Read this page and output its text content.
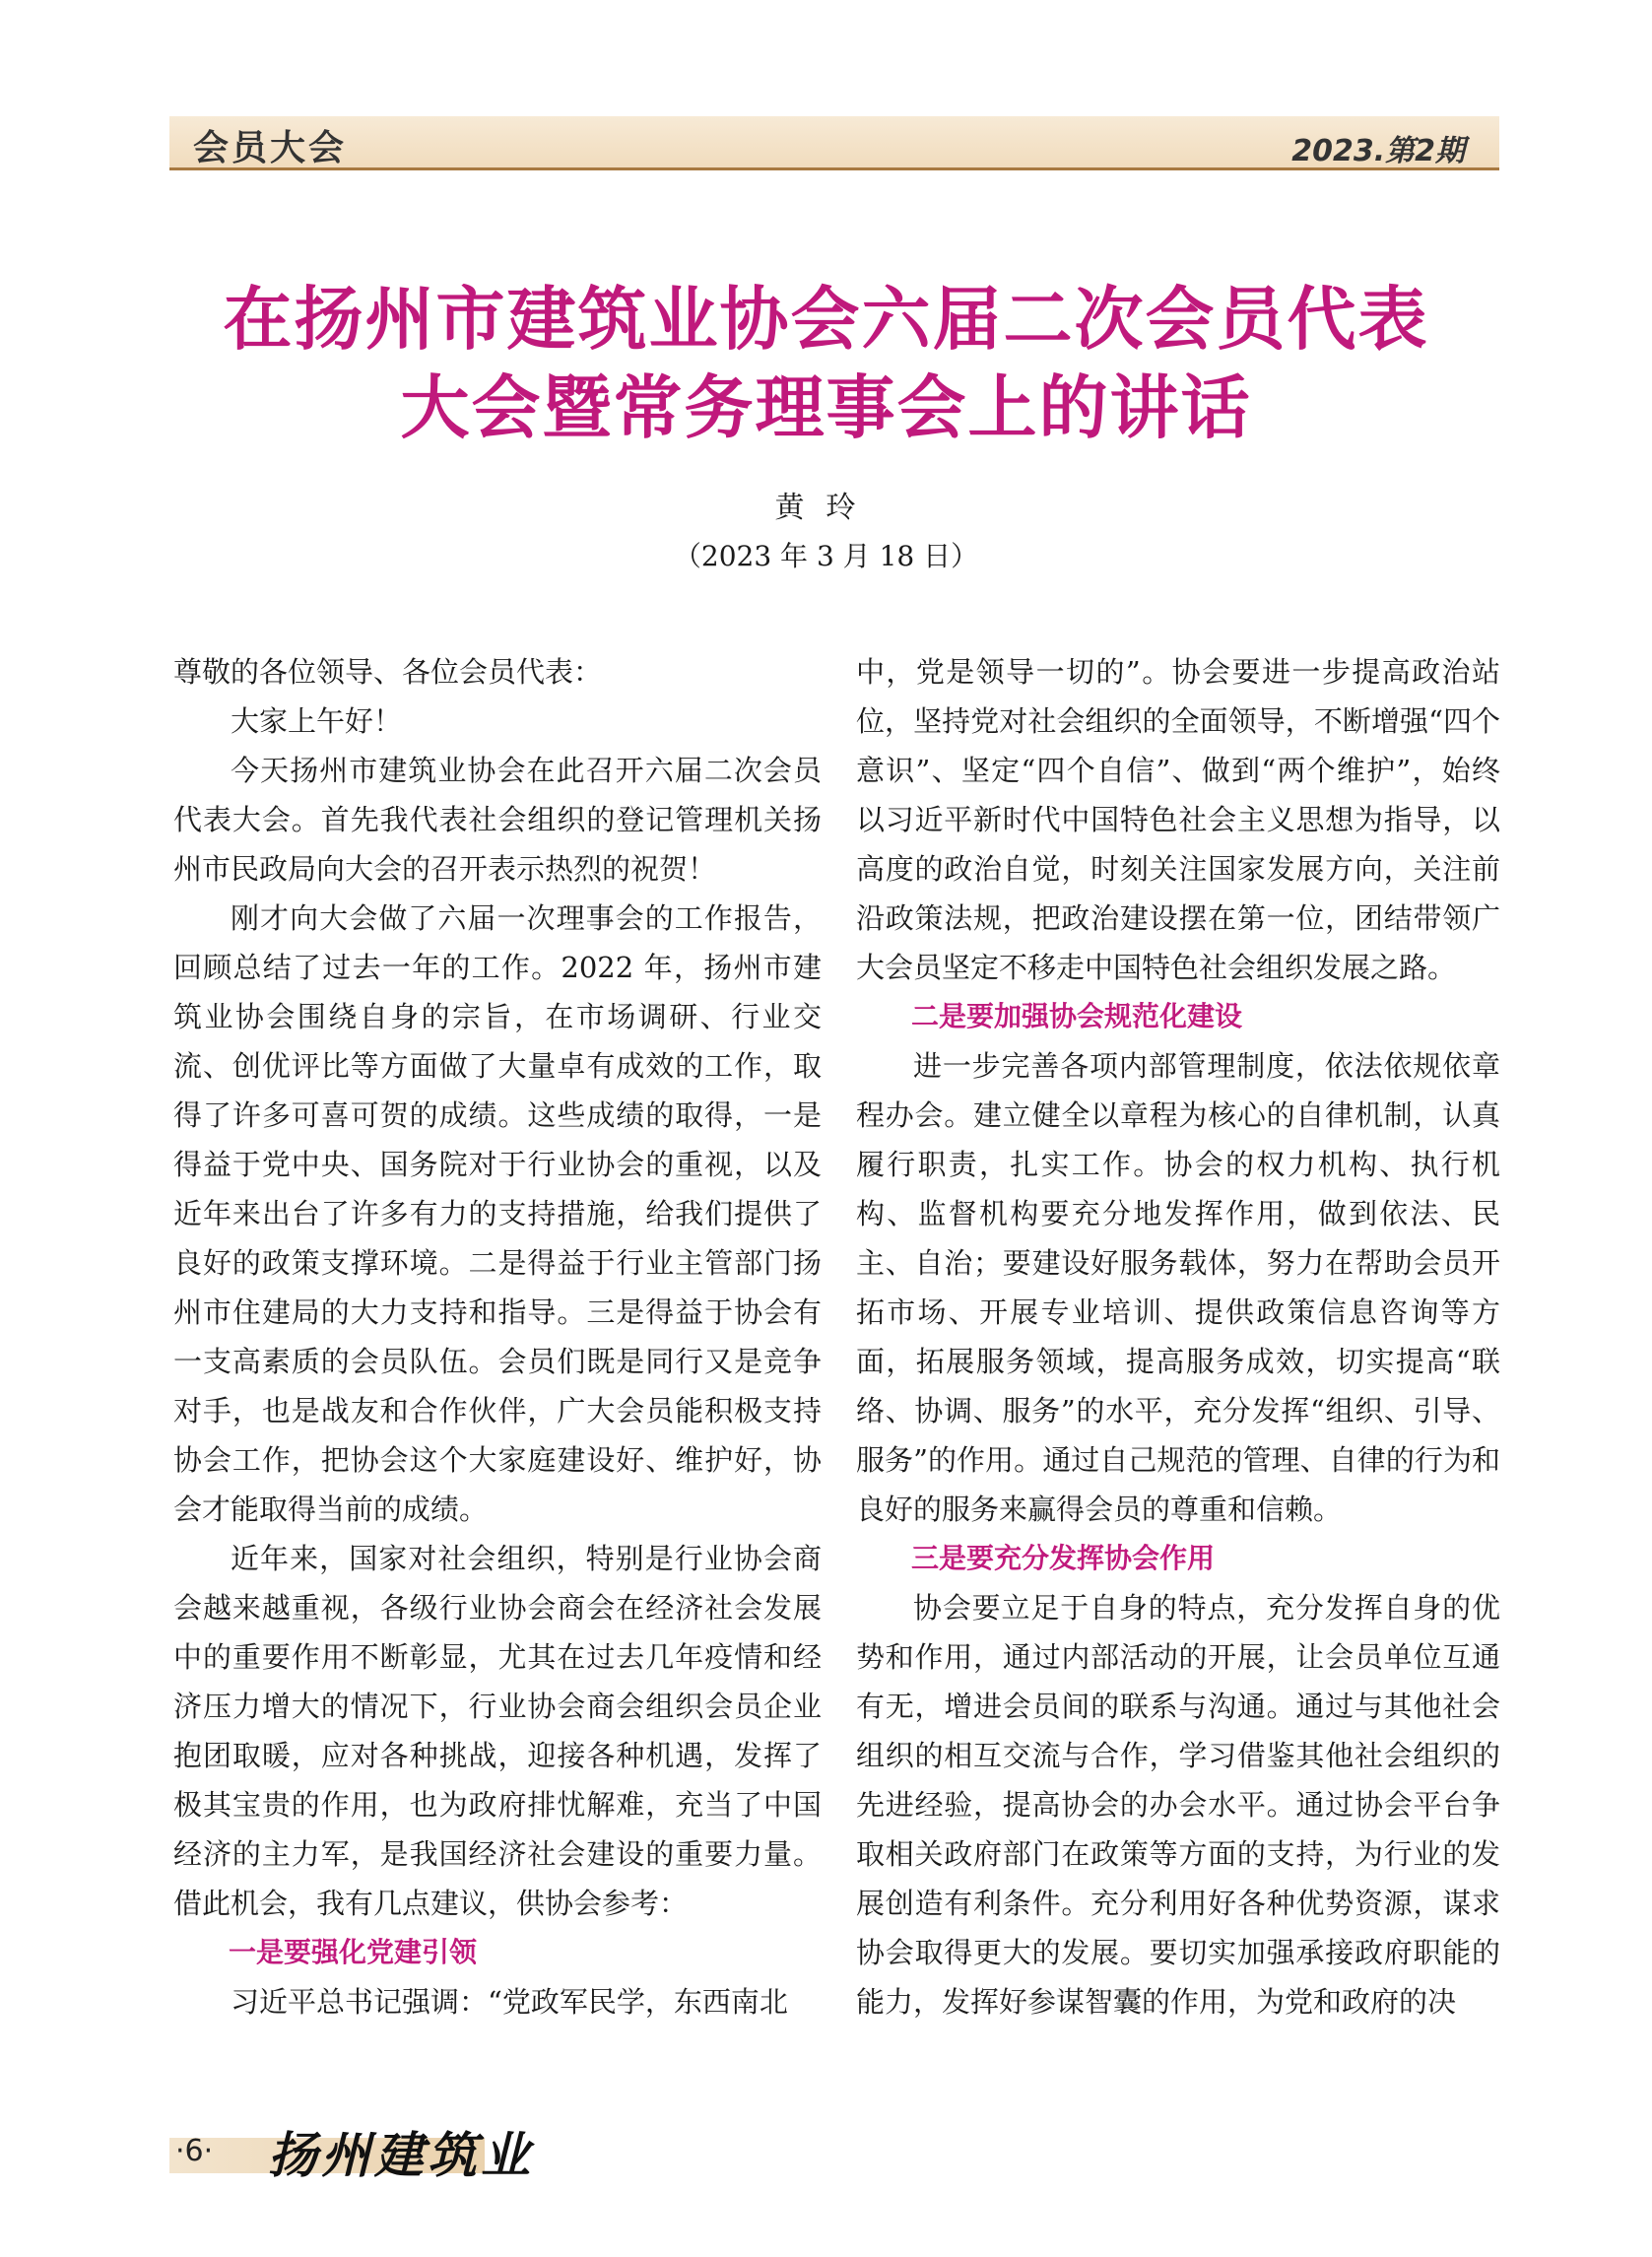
会员大会	2023.第2期
在扬州市建筑业协会六届二次会员代表
大会暨常务理事会上的讲话
黄玲
（2023 年 3 月 18 日）

尊敬的各位领导、各位会员代表：

大家上午好！

今天扬州市建筑业协会在此召开六届二次会员代表大会。首先我代表社会组织的登记管理机关扬州市民政局向大会的召开表示热烈的祝贺！

刚才向大会做了六届一次理事会的工作报告，回顾总结了过去一年的工作。2022 年，扬州市建筑业协会围绕自身的宗旨，在市场调研、行业交流、创优评比等方面做了大量卓有成效的工作，取得了许多可喜可贺的成绩。这些成绩的取得，一是得益于党中央、国务院对于行业协会的重视，以及近年来出台了许多有力的支持措施，给我们提供了良好的政策支撑环境。二是得益于行业主管部门扬州市住建局的大力支持和指导。三是得益于协会有一支高素质的会员队伍。会员们既是同行又是竞争对手，也是战友和合作伙伴，广大会员能积极支持协会工作，把协会这个大家庭建设好、维护好，协会才能取得当前的成绩。

近年来，国家对社会组织，特别是行业协会商会越来越重视，各级行业协会商会在经济社会发展中的重要作用不断彰显，尤其在过去几年疫情和经济压力增大的情况下，行业协会商会组织会员企业抱团取暖，应对各种挑战，迎接各种机遇，发挥了极其宝贵的作用，也为政府排忧解难，充当了中国经济的主力军，是我国经济社会建设的重要力量。借此机会，我有几点建议，供协会参考：

一是要强化党建引领

习近平总书记强调：“党政军民学，东西南北

中，党是领导一切的”。协会要进一步提高政治站位，坚持党对社会组织的全面领导，不断增强“四个意识”、坚定“四个自信”、做到“两个维护”，始终以习近平新时代中国特色社会主义思想为指导，以高度的政治自觉，时刻关注国家发展方向，关注前沿政策法规，把政治建设摆在第一位，团结带领广大会员坚定不移走中国特色社会组织发展之路。

二是要加强协会规范化建设

进一步完善各项内部管理制度，依法依规依章程办会。建立健全以章程为核心的自律机制，认真履行职责，扎实工作。协会的权力机构、执行机构、监督机构要充分地发挥作用，做到依法、民主、自治；要建设好服务载体，努力在帮助会员开拓市场、开展专业培训、提供政策信息咨询等方面，拓展服务领域，提高服务成效，切实提高“联络、协调、服务”的水平，充分发挥“组织、引导、服务”的作用。通过自己规范的管理、自律的行为和良好的服务来赢得会员的尊重和信赖。

三是要充分发挥协会作用

协会要立足于自身的特点，充分发挥自身的优势和作用，通过内部活动的开展，让会员单位互通有无，增进会员间的联系与沟通。通过与其他社会组织的相互交流与合作，学习借鉴其他社会组织的先进经验，提高协会的办会水平。通过协会平台争取相关政府部门在政策等方面的支持，为行业的发展创造有利条件。充分利用好各种优势资源，谋求协会取得更大的发展。要切实加强承接政府职能的能力，发挥好参谋智囊的作用，为党和政府的决

·6· 扬州建筑业
